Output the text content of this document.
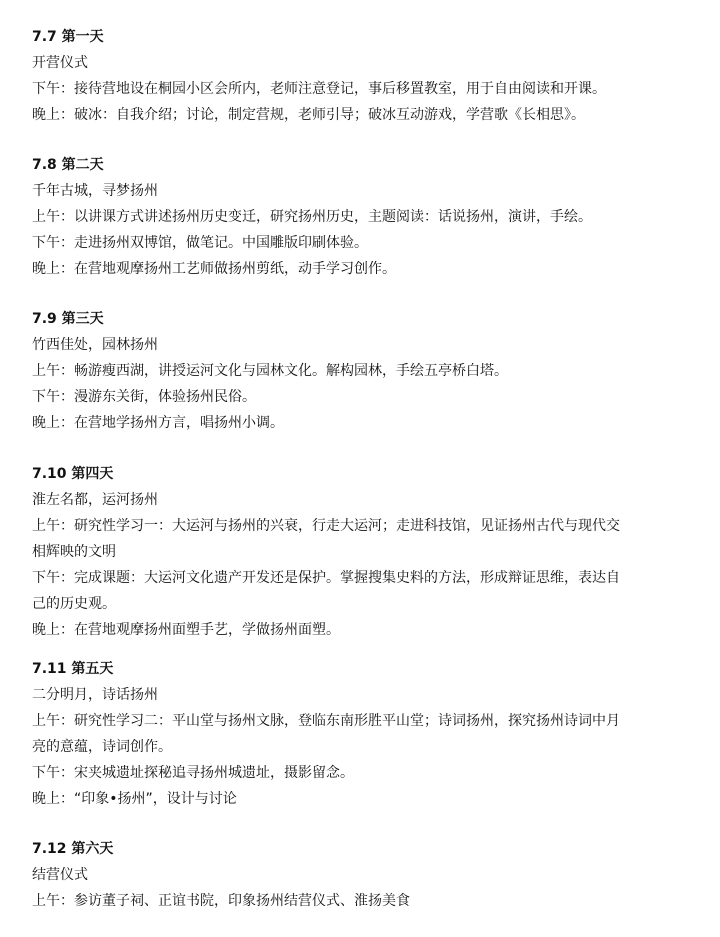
7.7 第一天
开营仪式
下午：接待营地设在桐园小区会所内，老师注意登记，事后移置教室，用于自由阅读和开课。
晚上：破冰：自我介绍；讨论，制定营规，老师引导；破冰互动游戏，学营歌《长相思》。
7.8 第二天
千年古城，寻梦扬州
上午：以讲课方式讲述扬州历史变迁，研究扬州历史，主题阅读：话说扬州，演讲，手绘。
下午：走进扬州双博馆，做笔记。中国雕版印刷体验。
晚上：在营地观摩扬州工艺师做扬州剪纸，动手学习创作。
7.9 第三天
竹西佳处，园林扬州
上午：畅游瘦西湖，讲授运河文化与园林文化。解构园林，手绘五亭桥白塔。
下午：漫游东关街，体验扬州民俗。
晚上：在营地学扬州方言，唱扬州小调。
7.10 第四天
淮左名都，运河扬州
上午：研究性学习一：大运河与扬州的兴衰，行走大运河；走进科技馆，见证扬州古代与现代交相辉映的文明
下午：完成课题：大运河文化遗产开发还是保护。掌握搜集史料的方法，形成辩证思维，表达自己的历史观。
晚上：在营地观摩扬州面塑手艺，学做扬州面塑。
7.11 第五天
二分明月，诗话扬州
上午：研究性学习二：平山堂与扬州文脉，登临东南形胜平山堂；诗词扬州，探究扬州诗词中月亮的意蕴，诗词创作。
下午：宋夹城遗址探秘追寻扬州城遗址，摄影留念。
晚上：“印象•扬州”，设计与讨论
7.12 第六天
结营仪式
上午：参访董子祠、正谊书院，印象扬州结营仪式、淮扬美食
